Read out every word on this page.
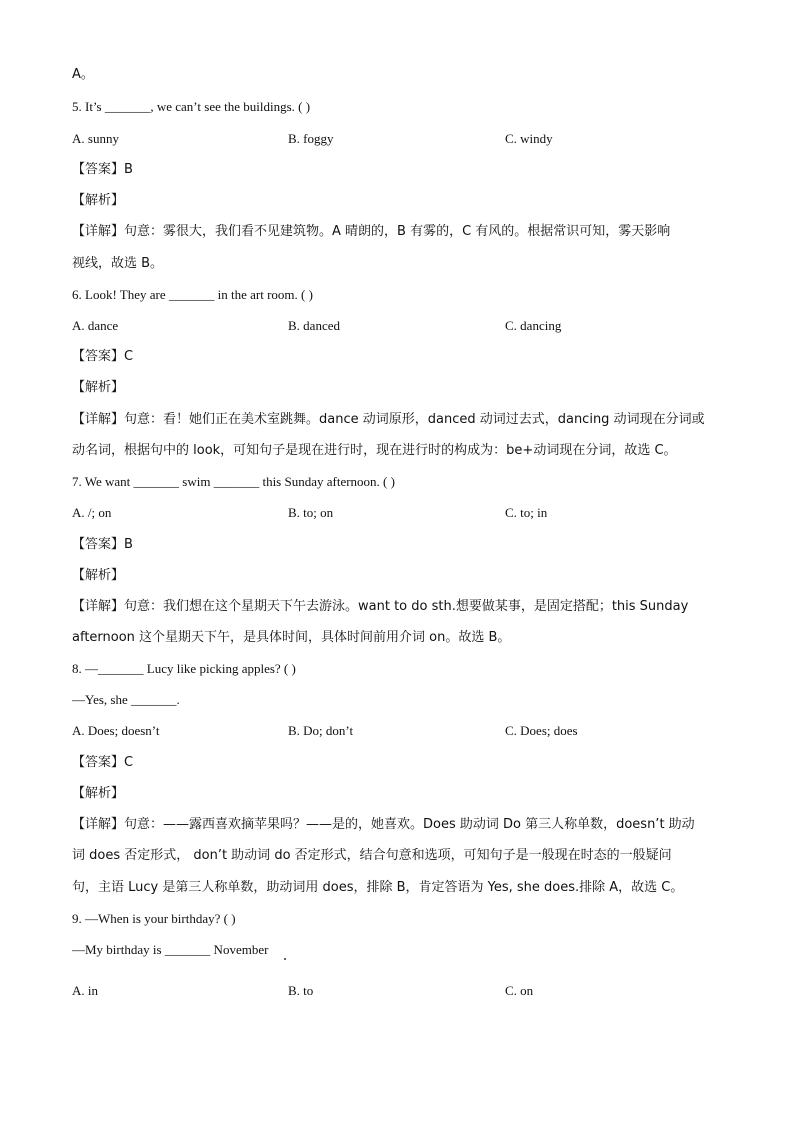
A。
5. It’s _______, we can’t see the buildings. ( )
A. sunny	B. foggy	C. windy
【答案】B
【解析】
【详解】句意：雾很大，我们看不见建筑物。A 晴朗的，B 有雾的，C 有风的。根据常识可知，雾天影响
视线，故选 B。
6. Look! They are _______ in the art room. ( )
A. dance	B. danced	C. dancing
【答案】C
【解析】
【详解】句意：看！她们正在美术室跳舞。dance 动词原形，danced 动词过去式，dancing 动词现在分词或
动名词，根据句中的 look，可知句子是现在进行时，现在进行时的构成为：be+动词现在分词，故选 C。
7. We want _______ swim _______ this Sunday afternoon. ( )
A. /; on	B. to; on	C. to; in
【答案】B
【解析】
【详解】句意：我们想在这个星期天下午去游泳。want to do sth.想要做某事，是固定搭配；this Sunday
afternoon 这个星期天下午，是具体时间，具体时间前用介词 on。故选 B。
8. —_______ Lucy like picking apples? ( )
—Yes, she _______.
A. Does; doesn’t	B. Do; don’t	C. Does; does
【答案】C
【解析】
【详解】句意：——露西喜欢摘苹果吗？——是的，她喜欢。Does 助动词 Do 第三人称单数，doesn’t 助动
词 does 否定形式， don’t 助动词 do 否定形式，结合句意和选项，可知句子是一般现在时态的一般疑问
句，主语 Lucy 是第三人称单数，助动词用 does，排除 B，肯定答语为 Yes, she does.排除 A，故选 C。
9. —When is your birthday? ( )
—My birthday is _______ November
A. in	B. to	C. on
